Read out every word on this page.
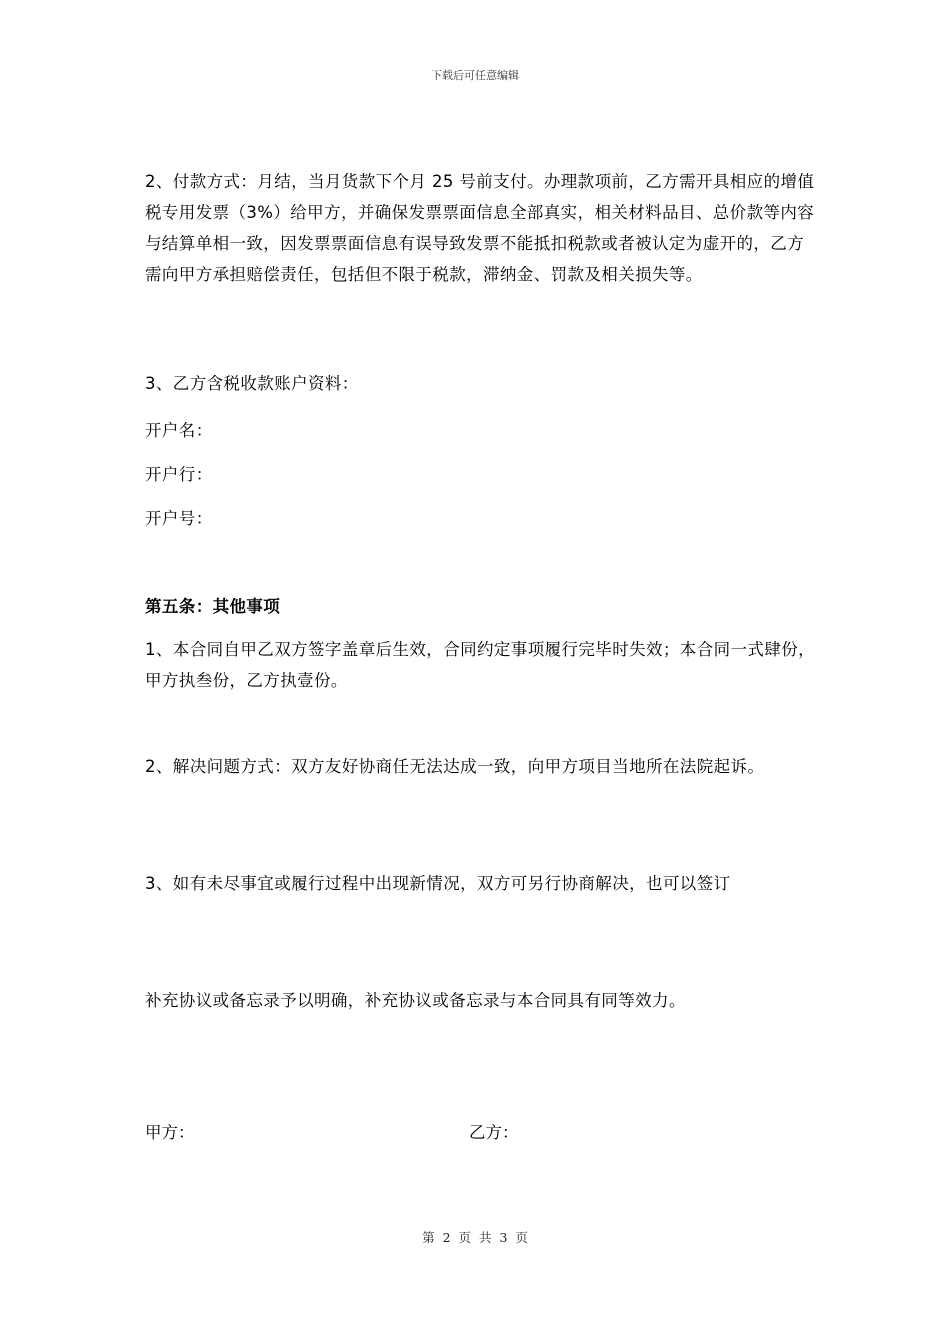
下载后可任意编辑

2、付款方式：月结，当月货款下个月 25 号前支付。办理款项前，乙方需开具相应的增值税专用发票（3%）给甲方，并确保发票票面信息全部真实，相关材料品目、总价款等内容与结算单相一致，因发票票面信息有误导致发票不能抵扣税款或者被认定为虚开的，乙方需向甲方承担赔偿责任，包括但不限于税款，滞纳金、罚款及相关损失等。

3、乙方含税收款账户资料：

开户名：

开户行：

开户号：

第五条：其他事项

1、本合同自甲乙双方签字盖章后生效，合同约定事项履行完毕时失效；本合同一式肆份，甲方执叁份，乙方执壹份。

2、解决问题方式：双方友好协商任无法达成一致，向甲方项目当地所在法院起诉。

3、如有未尽事宜或履行过程中出现新情况，双方可另行协商解决，也可以签订

补充协议或备忘录予以明确，补充协议或备忘录与本合同具有同等效力。

甲方：	乙方：
第 2 页 共 3 页
